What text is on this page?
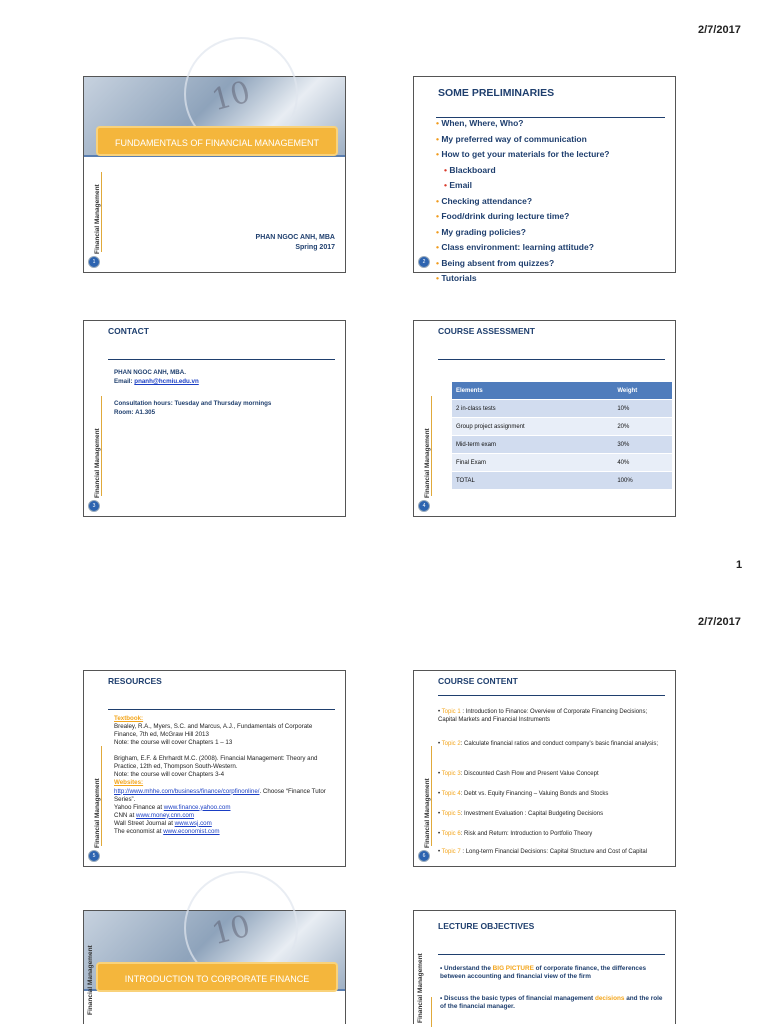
2/7/2017
10
FUNDAMENTALS OF FINANCIAL MANAGEMENT
Financial Management	PHAN NGOC ANH, MBA
Spring 2017
1
SOME PRELIMINARIES
• When, Where, Who?
• My preferred way of communication
• How to get your materials for the lecture?
• Blackboard
• Email
• Checking attendance?
• Food/drink during lecture time?
• My grading policies?
• Class environment: learning attitude?
• Being absent from quizzes?
• Tutorials
2
CONTACT
PHAN NGOC ANH, MBA.
Email: pnanh@hcmiu.edu.vn
Consultation hours: Tuesday and Thursday mornings
Room: A1.305
Financial Management
3
COURSE ASSESSMENT
Elements	Weight
2 in-class tests	10%
Group project assignment	20%
Mid-term exam	30%
Final Exam	40%
TOTAL	100%
Financial Management
4
1
2/7/2017
RESOURCES
Textbook:
Brealey, R.A., Myers, S.C. and Marcus, A.J., Fundamentals of Corporate Finance, 7th ed, McGraw Hill 2013
Note: the course will cover Chapters 1 – 13
Brigham, E.F. & Ehrhardt M.C. (2008). Financial Management: Theory and Practice, 12th ed, Thompson South-Western.
Note: the course will cover Chapters 3-4
Websites:
http://www.mhhe.com/business/finance/corpfinonline/. Choose “Finance Tutor Series”.
Yahoo Finance at www.finance.yahoo.com
CNN at www.money.cnn.com
Wall Street Journal at www.wsj.com
The economist at www.economist.com
Financial Management
5
COURSE CONTENT
• Topic 1 : Introduction to Finance: Overview of Corporate Financing Decisions; Capital Markets and Financial Instruments
• Topic 2: Calculate financial ratios and conduct company’s basic financial analysis;
• Topic 3: Discounted Cash Flow and Present Value Concept
• Topic 4: Debt vs. Equity Financing – Valuing Bonds and Stocks
• Topic 5: Investment Evaluation : Capital Budgeting Decisions
• Topic 6: Risk and Return: Introduction to Portfolio Theory
• Topic 7 : Long-term Financial Decisions: Capital Structure and Cost of Capital
Financial Management
6
10
INTRODUCTION TO CORPORATE FINANCE
Financial Management
LECTURE OBJECTIVES
• Understand the BIG PICTURE of corporate finance, the differences between accounting and financial view of the firm
• Discuss the basic types of financial management decisions and the role of the financial manager.
Financial Management
